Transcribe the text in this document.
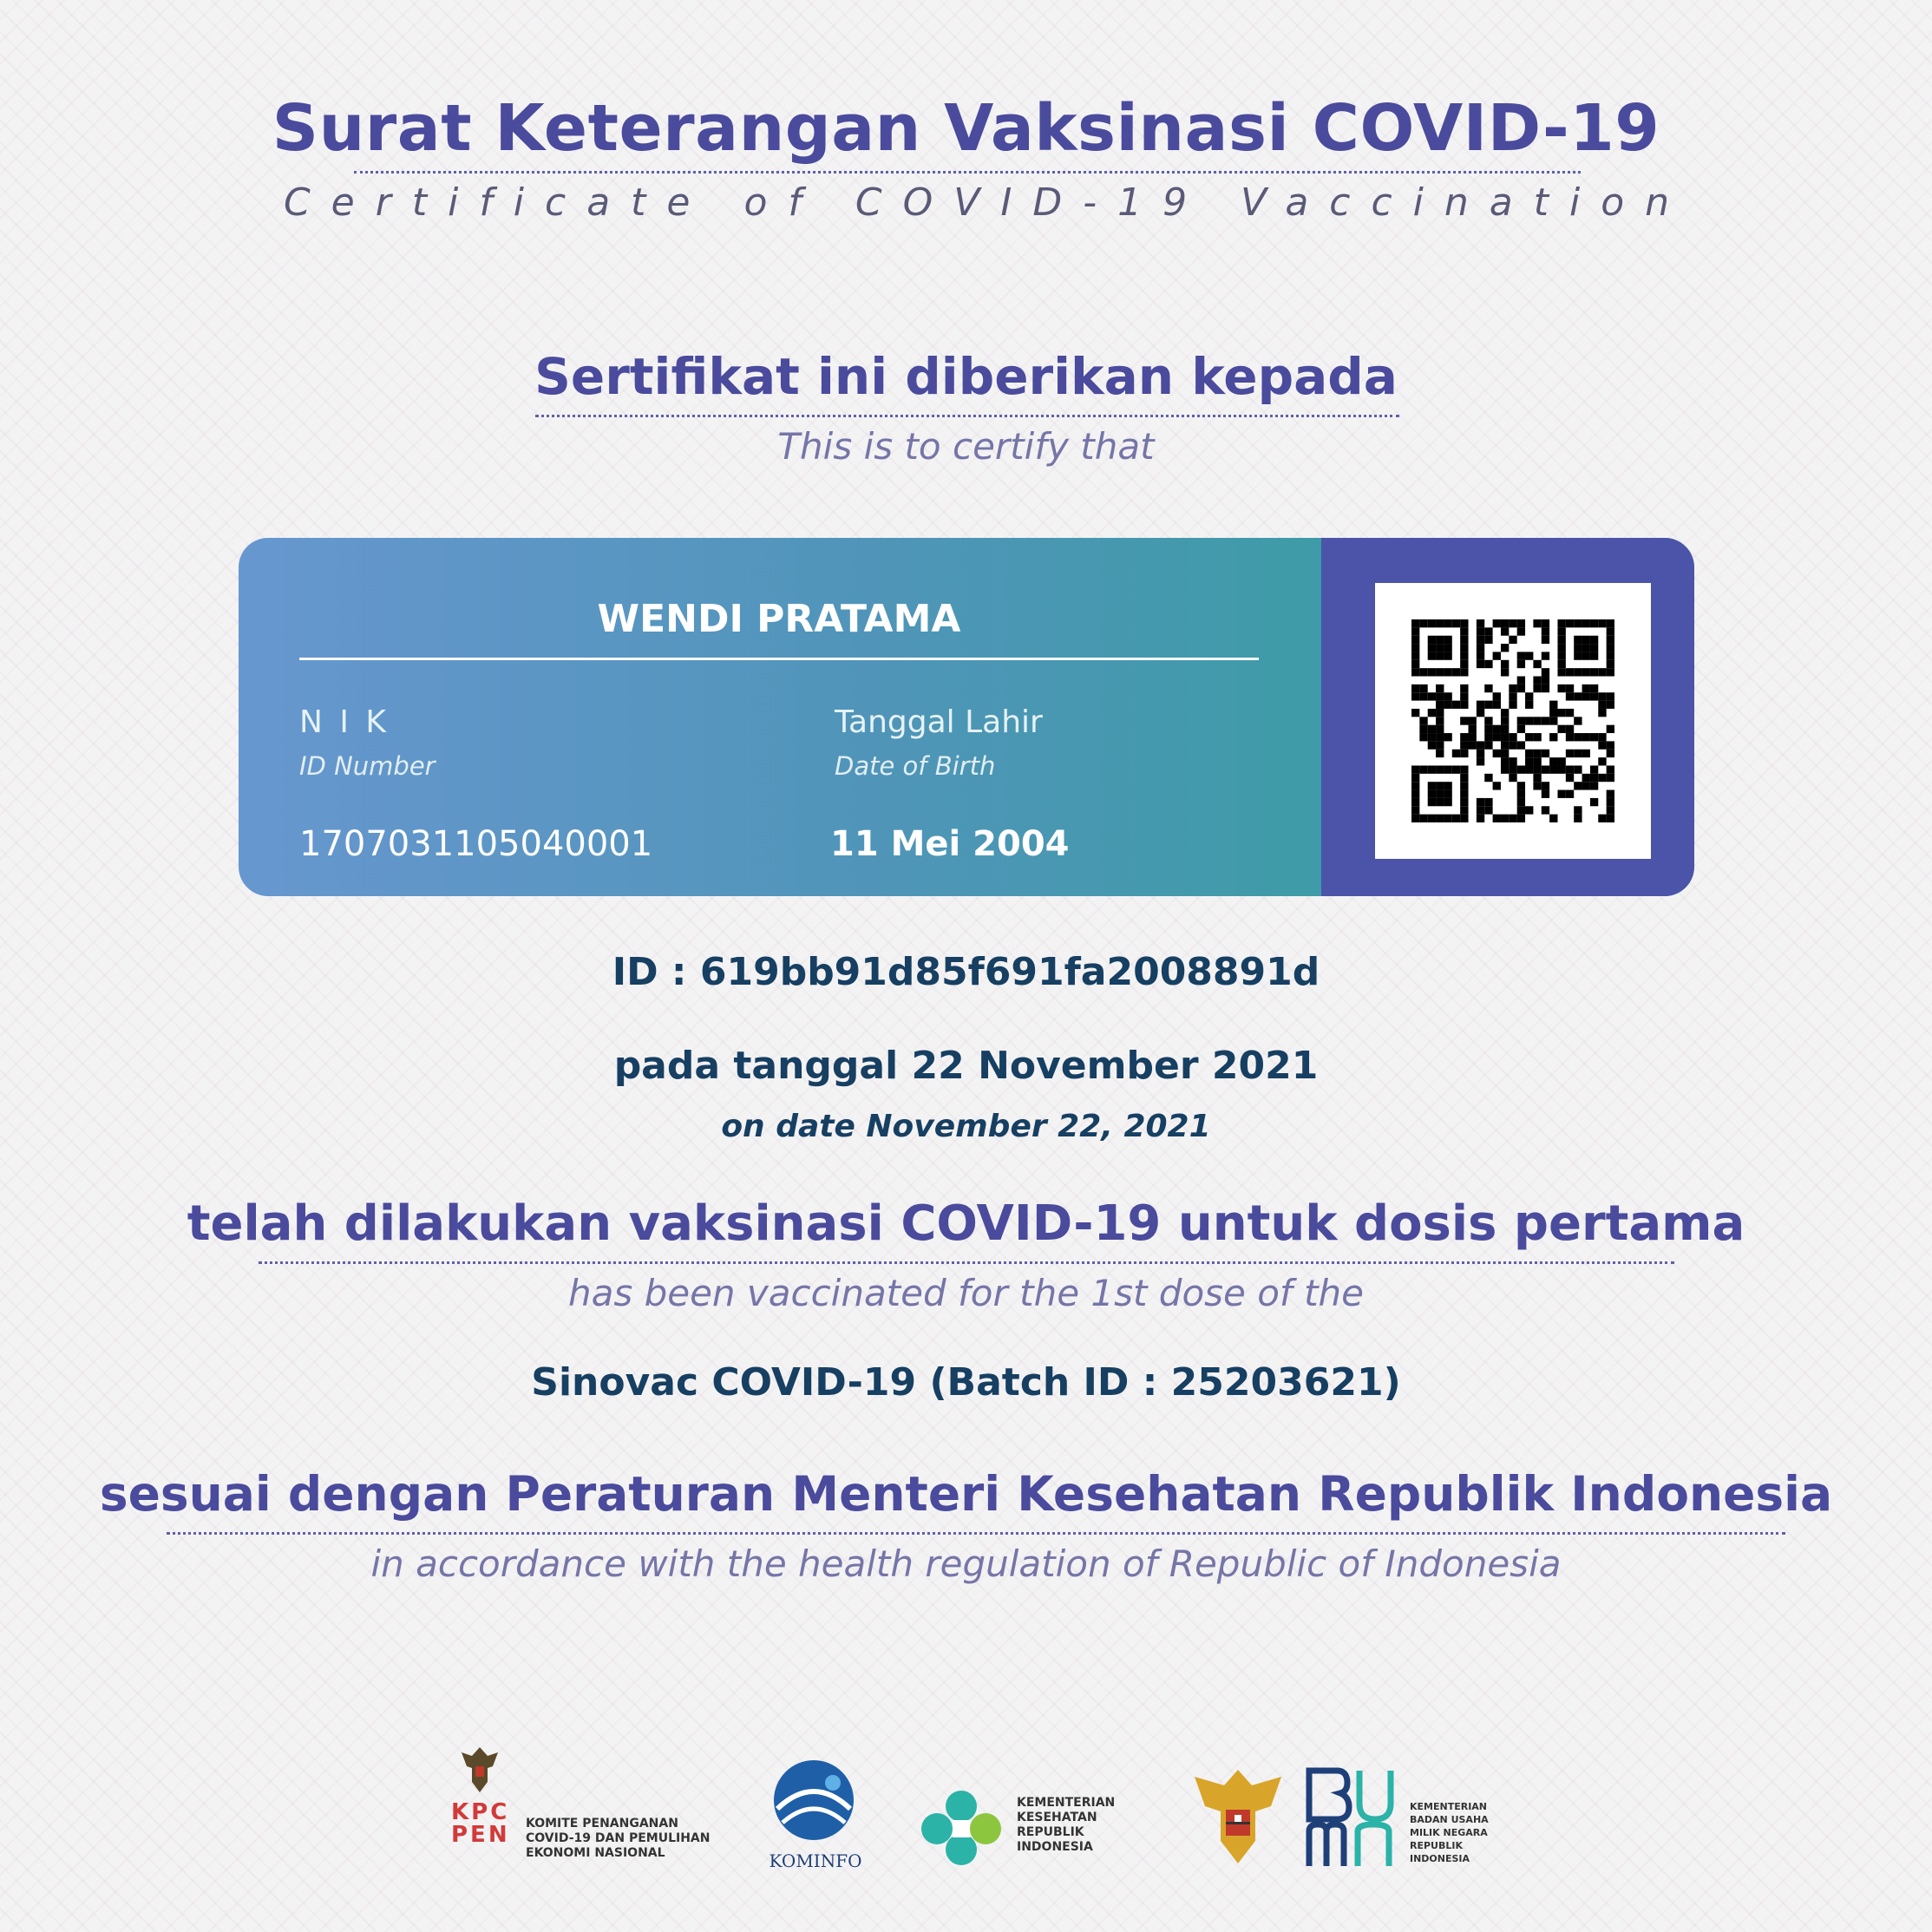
Surat Keterangan Vaksinasi COVID-19
Certificate of COVID-19 Vaccination
Sertifikat ini diberikan kepada
This is to certify that
WENDI PRATAMA
N I K
ID Number
1707031105040001
Tanggal Lahir
Date of Birth
11 Mei 2004
ID : 619bb91d85f691fa2008891d
pada tanggal 22 November 2021
on date November 22, 2021
telah dilakukan vaksinasi COVID-19 untuk dosis pertama
has been vaccinated for the 1st dose of the
Sinovac COVID-19 (Batch ID : 25203621)
sesuai dengan Peraturan Menteri Kesehatan Republik Indonesia
in accordance with the health regulation of Republic of Indonesia
KPC
PEN KOMITE PENANGANAN
COVID-19 DAN PEMULIHAN
EKONOMI NASIONAL	KOMINFO
KEMENTERIAN
KESEHATAN
REPUBLIK
INDONESIA
KEMENTERIAN
BADAN USAHA
MILIK NEGARA
REPUBLIK
INDONESIA
